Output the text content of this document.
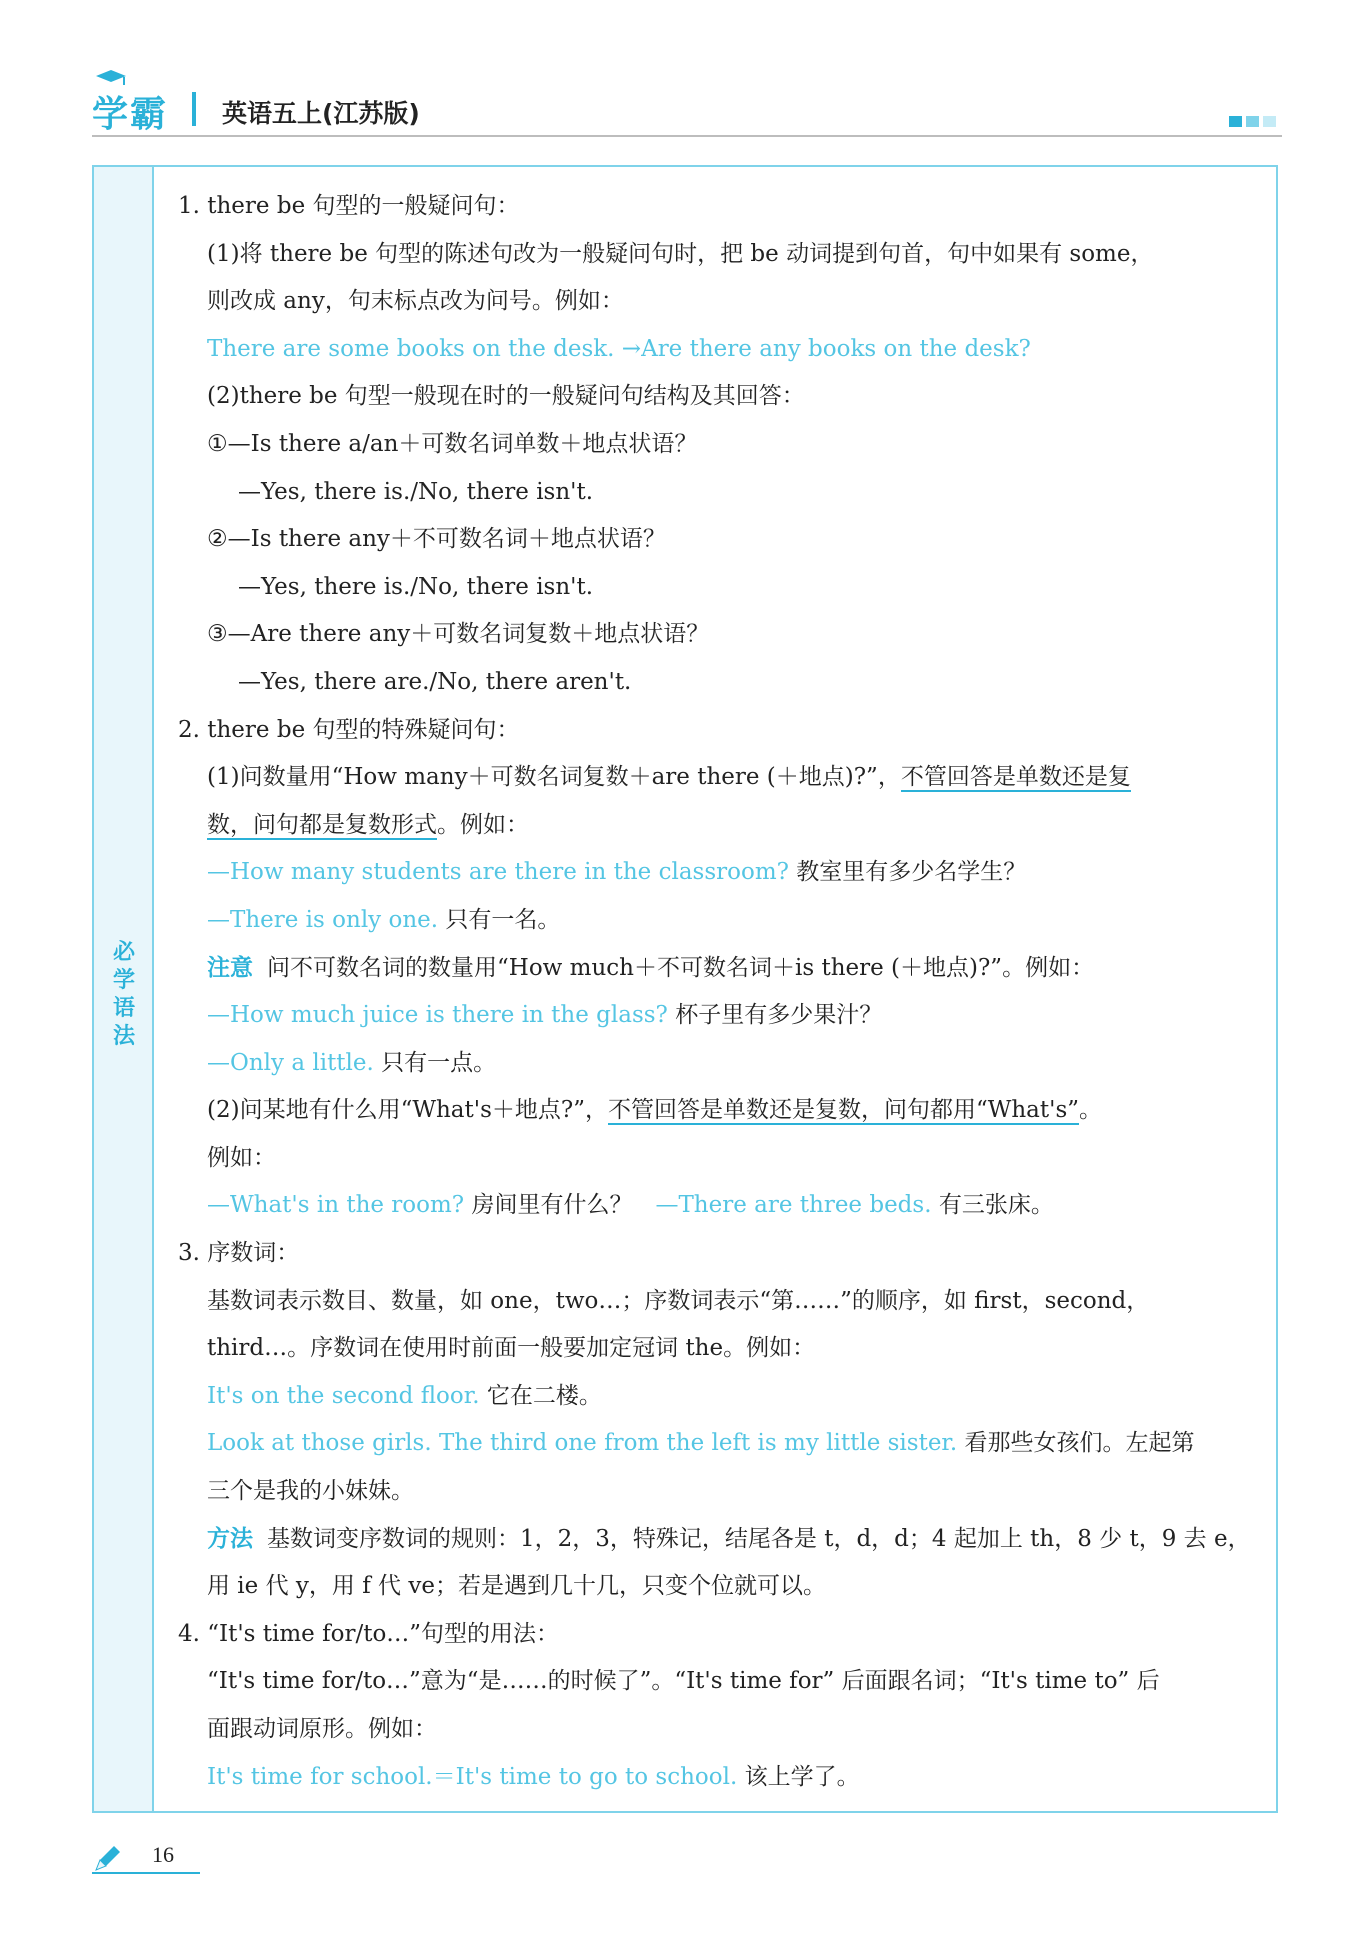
学霸 英语五上(江苏版)
必学语法
1. there be 句型的一般疑问句：
(1)将 there be 句型的陈述句改为一般疑问句时，把 be 动词提到句首，句中如果有 some，
则改成 any，句末标点改为问号。例如：
There are some books on the desk. →Are there any books on the desk?
(2)there be 句型一般现在时的一般疑问句结构及其回答：
①—Is there a/an＋可数名词单数＋地点状语？
—Yes, there is./No, there isn't.
②—Is there any＋不可数名词＋地点状语？
—Yes, there is./No, there isn't.
③—Are there any＋可数名词复数＋地点状语？
—Yes, there are./No, there aren't.
2. there be 句型的特殊疑问句：
(1)问数量用“How many＋可数名词复数＋are there (＋地点)?”，不管回答是单数还是复
数，问句都是复数形式。例如：
—How many students are there in the classroom? 教室里有多少名学生？
—There is only one. 只有一名。
注意 问不可数名词的数量用“How much＋不可数名词＋is there (＋地点)?”。例如：
—How much juice is there in the glass? 杯子里有多少果汁？
—Only a little. 只有一点。
(2)问某地有什么用“What's＋地点?”，不管回答是单数还是复数，问句都用“What's”。
例如：
—What's in the room? 房间里有什么？　—There are three beds. 有三张床。
3. 序数词：
基数词表示数目、数量，如 one，two…；序数词表示“第……”的顺序，如 first，second，
third…。序数词在使用时前面一般要加定冠词 the。例如：
It's on the second floor. 它在二楼。
Look at those girls. The third one from the left is my little sister. 看那些女孩们。左起第
三个是我的小妹妹。
方法 基数词变序数词的规则：1，2，3，特殊记，结尾各是 t，d，d；4 起加上 th，8 少 t，9 去 e，
用 ie 代 y，用 f 代 ve；若是遇到几十几，只变个位就可以。
4. “It's time for/to…”句型的用法：
“It's time for/to…”意为“是……的时候了”。“It's time for” 后面跟名词；“It's time to” 后
面跟动词原形。例如：
It's time for school.＝It's time to go to school. 该上学了。
16
